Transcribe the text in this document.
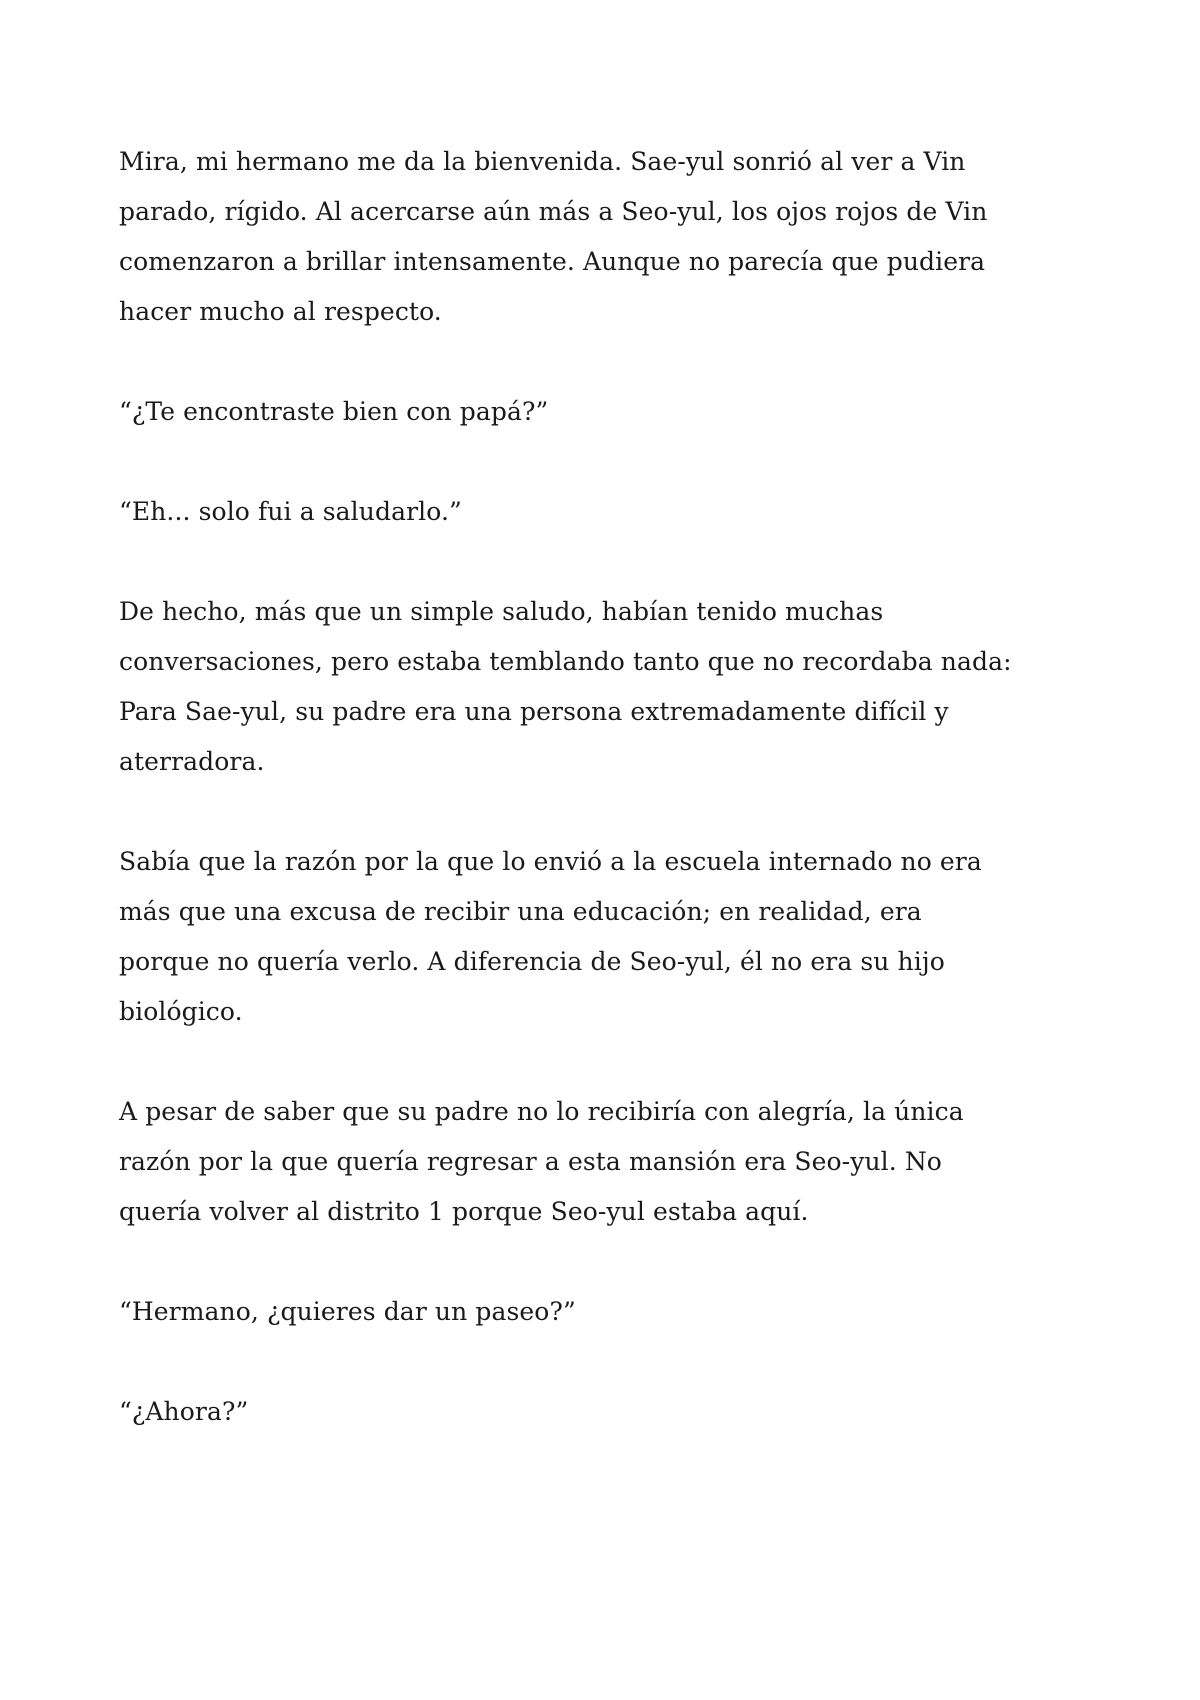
Mira, mi hermano me da la bienvenida. Sae-yul sonrió al ver a Vin parado, rígido. Al acercarse aún más a Seo-yul, los ojos rojos de Vin comenzaron a brillar intensamente. Aunque no parecía que pudiera hacer mucho al respecto.

“¿Te encontraste bien con papá?”

“Eh... solo fui a saludarlo.”

De hecho, más que un simple saludo, habían tenido muchas conversaciones, pero estaba temblando tanto que no recordaba nada: Para Sae-yul, su padre era una persona extremadamente difícil y aterradora.

Sabía que la razón por la que lo envió a la escuela internado no era más que una excusa de recibir una educación; en realidad, era porque no quería verlo. A diferencia de Seo-yul, él no era su hijo biológico.

A pesar de saber que su padre no lo recibiría con alegría, la única razón por la que quería regresar a esta mansión era Seo-yul. No quería volver al distrito 1 porque Seo-yul estaba aquí.

“Hermano, ¿quieres dar un paseo?”

“¿Ahora?”
